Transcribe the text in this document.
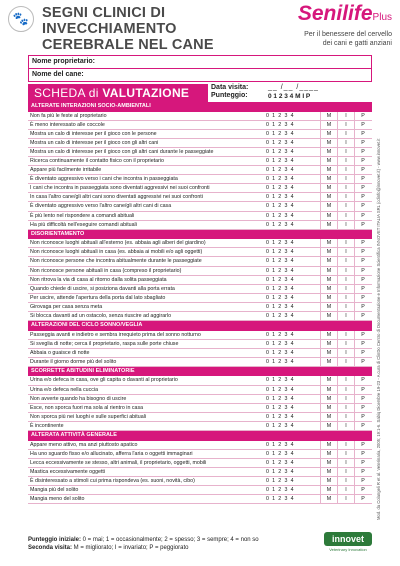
🐾 SEGNI CLINICI DI INVECCHIAMENTO
CEREBRALE NEL CANE
SenilifePlus
Per il benessere del cervello
dei cani e gatti anziani
Nome proprietario:
Nome del cane:
SCHEDA di VALUTAZIONE	Data visita:
Punteggio:
__ /__ /____
0 1 2 3 4 M I P
ALTERATE INTERAZIONI SOCIO-AMBIENTALI
Non fa più le feste al proprietario	01234	M	I	P
È meno interessato alle coccole	01234	M	I	P
Mostra un calo di interesse per il gioco con le persone	01234	M	I	P
Mostra un calo di interesse per il gioco con gli altri cani	01234	M	I	P
Mostra un calo di interesse per il gioco con gli altri cani durante le passeggiate	01234	M	I	P
Ricerca continuamente il contatto fisico con il proprietario	01234	M	I	P
Appare più facilmente irritabile	01234	M	I	P
È diventato aggressivo verso i cani che incontra in passeggiata	01234	M	I	P
I cani che incontra in passeggiata sono diventati aggressivi nei suoi confronti	01234	M	I	P
In casa l'altro cane/gli altri cani sono diventati aggressivi nei suoi confronti	01234	M	I	P
È diventato aggressivo verso l'altro cane/gli altri cani di casa	01234	M	I	P
È più lento nel rispondere a comandi abituali	01234	M	I	P
Ha più difficoltà nell'eseguire comandi abituali	01234	M	I	P
DISORIENTAMENTO
Non riconosce luoghi abituali all'esterno (es. abbaia agli alberi del giardino)	01234	M	I	P
Non riconosce luoghi abituali in casa (es. abbaia ai mobili e/o agli oggetti)	01234	M	I	P
Non riconosce persone che incontra abitualmente durante le passeggiate	01234	M	I	P
Non riconosce persone abituali in casa (compreso il proprietario)	01234	M	I	P
Non ritrova la via di casa al ritorno dalla solita passeggiata	01234	M	I	P
Quando chiede di uscire, si posiziona davanti alla porta errata	01234	M	I	P
Per uscire, attende l'apertura della porta dal lato sbagliato	01234	M	I	P
Girovaga per casa senza meta	01234	M	I	P
Si blocca davanti ad un ostacolo, senza riuscire ad aggirarlo	01234	M	I	P
ALTERAZIONI DEL CICLO SONNO/VEGLIA
Passeggia avanti e indietro e sembra irrequieto prima del sonno notturno	01234	M	I	P
Si sveglia di notte; cerca il proprietario, raspa sulle porte chiuse	01234	M	I	P
Abbaia o guaisce di notte	01234	M	I	P
Durante il giorno dorme più del solito	01234	M	I	P
SCORRETTE ABITUDINI ELIMINATORIE
Urina e/o defeca in casa, ove gli capita o davanti al proprietario	01234	M	I	P
Urina e/o defeca nella cuccia	01234	M	I	P
Non avverte quando ha bisogno di uscire	01234	M	I	P
Esce, non sporca fuori ma sola al rientro in casa	01234	M	I	P
Non sporca più nei luoghi e sulle superfici abituali	01234	M	I	P
È incontinente	01234	M	I	P
ALTERATA ATTIVITÀ GENERALE
Appare meno attivo, ma anzi piuttosto apatico	01234	M	I	P
Ha uno sguardo fisso e/o allucinato, afferra l'aria o oggetti immaginari	01234	M	I	P
Lecca eccessivamente se stesso, altri animali, il proprietario, oggetti, mobili	01234	M	I	P
Mastica eccessivamente oggetti	01234	M	I	P
È disinteressato a stimoli cui prima rispondeva (es. suoni, novità, cibo)	01234	M	I	P
Mangia più del solito	01234	M	I	P
Mangia meno del solito	01234	M	I	P	Mod. da Colangeli R et al. Veterinaria, 2005; 19:1-6. Sabiq Dicembre 19-23 - A cura di ClinDo Centro di Documentazione e Informazione Scientifica INNOVET ITALIA SRL (cdinfo@innovet.it) - www.innovet.it
Punteggio iniziale: 0 = mai; 1 = occasionalmente; 2 = spesso; 3 = sempre; 4 = non so
Seconda visita: M = migliorato; I = invariato; P = peggiorato
innovet
Veterinary Innovation
